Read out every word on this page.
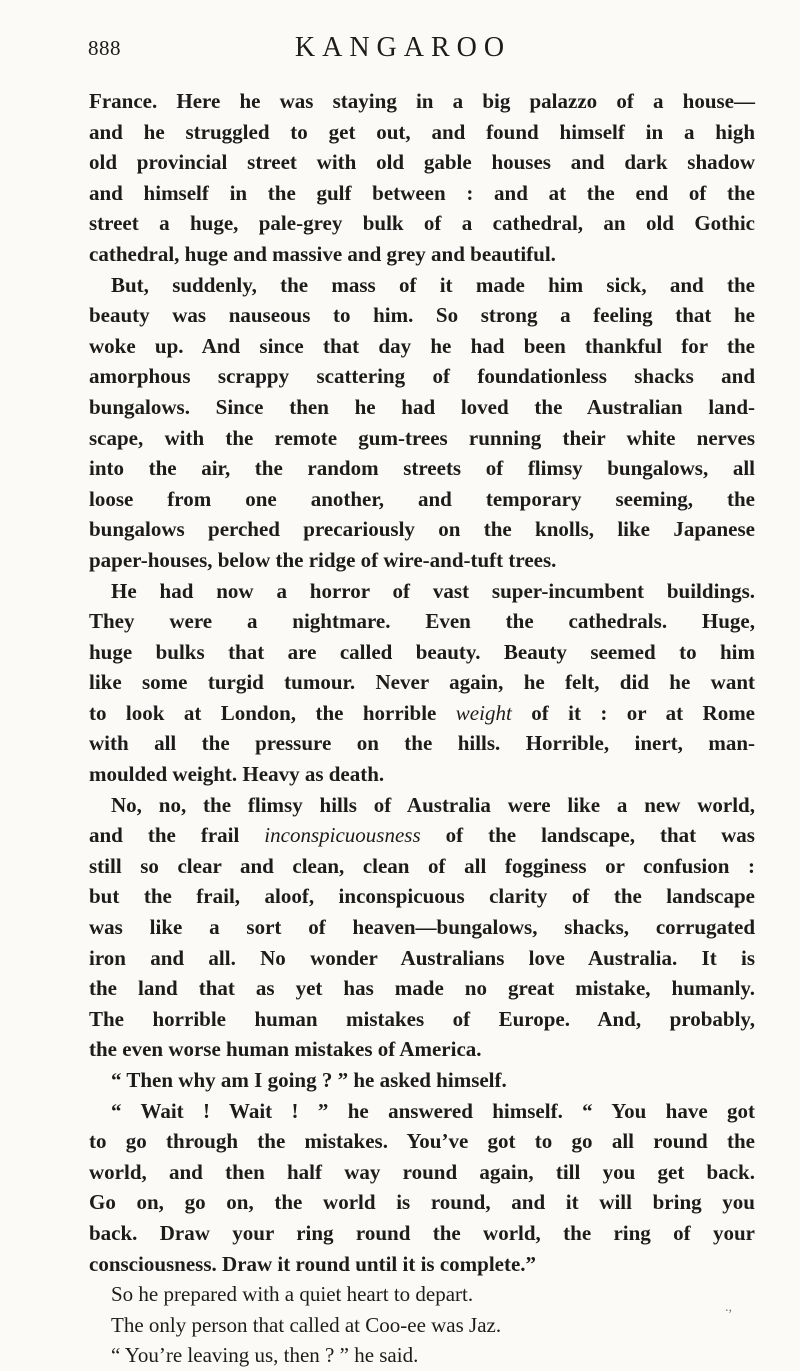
888	KANGAROO
France. Here he was staying in a big palazzo of a house—
and he struggled to get out, and found himself in a high
old provincial street with old gable houses and dark shadow
and himself in the gulf between : and at the end of the
street a huge, pale-grey bulk of a cathedral, an old Gothic
cathedral, huge and massive and grey and beautiful.
But, suddenly, the mass of it made him sick, and the
beauty was nauseous to him. So strong a feeling that he
woke up. And since that day he had been thankful for the
amorphous scrappy scattering of foundationless shacks and
bungalows. Since then he had loved the Australian land-
scape, with the remote gum-trees running their white nerves
into the air, the random streets of flimsy bungalows, all
loose from one another, and temporary seeming, the
bungalows perched precariously on the knolls, like Japanese
paper-houses, below the ridge of wire-and-tuft trees.
He had now a horror of vast super-incumbent buildings.
They were a nightmare. Even the cathedrals. Huge,
huge bulks that are called beauty. Beauty seemed to him
like some turgid tumour. Never again, he felt, did he want
to look at London, the horrible weight of it : or at Rome
with all the pressure on the hills. Horrible, inert, man-
moulded weight. Heavy as death.
No, no, the flimsy hills of Australia were like a new world,
and the frail inconspicuousness of the landscape, that was
still so clear and clean, clean of all fogginess or confusion :
but the frail, aloof, inconspicuous clarity of the landscape
was like a sort of heaven—bungalows, shacks, corrugated
iron and all. No wonder Australians love Australia. It is
the land that as yet has made no great mistake, humanly.
The horrible human mistakes of Europe. And, probably,
the even worse human mistakes of America.
“ Then why am I going ? ” he asked himself.
“ Wait ! Wait ! ” he answered himself. “ You have got
to go through the mistakes. You’ve got to go all round the
world, and then half way round again, till you get back.
Go on, go on, the world is round, and it will bring you
back. Draw your ring round the world, the ring of your
consciousness. Draw it round until it is complete.”
So he prepared with a quiet heart to depart.
The only person that called at Coo-ee was Jaz.
“ You’re leaving us, then ? ” he said.
.,
